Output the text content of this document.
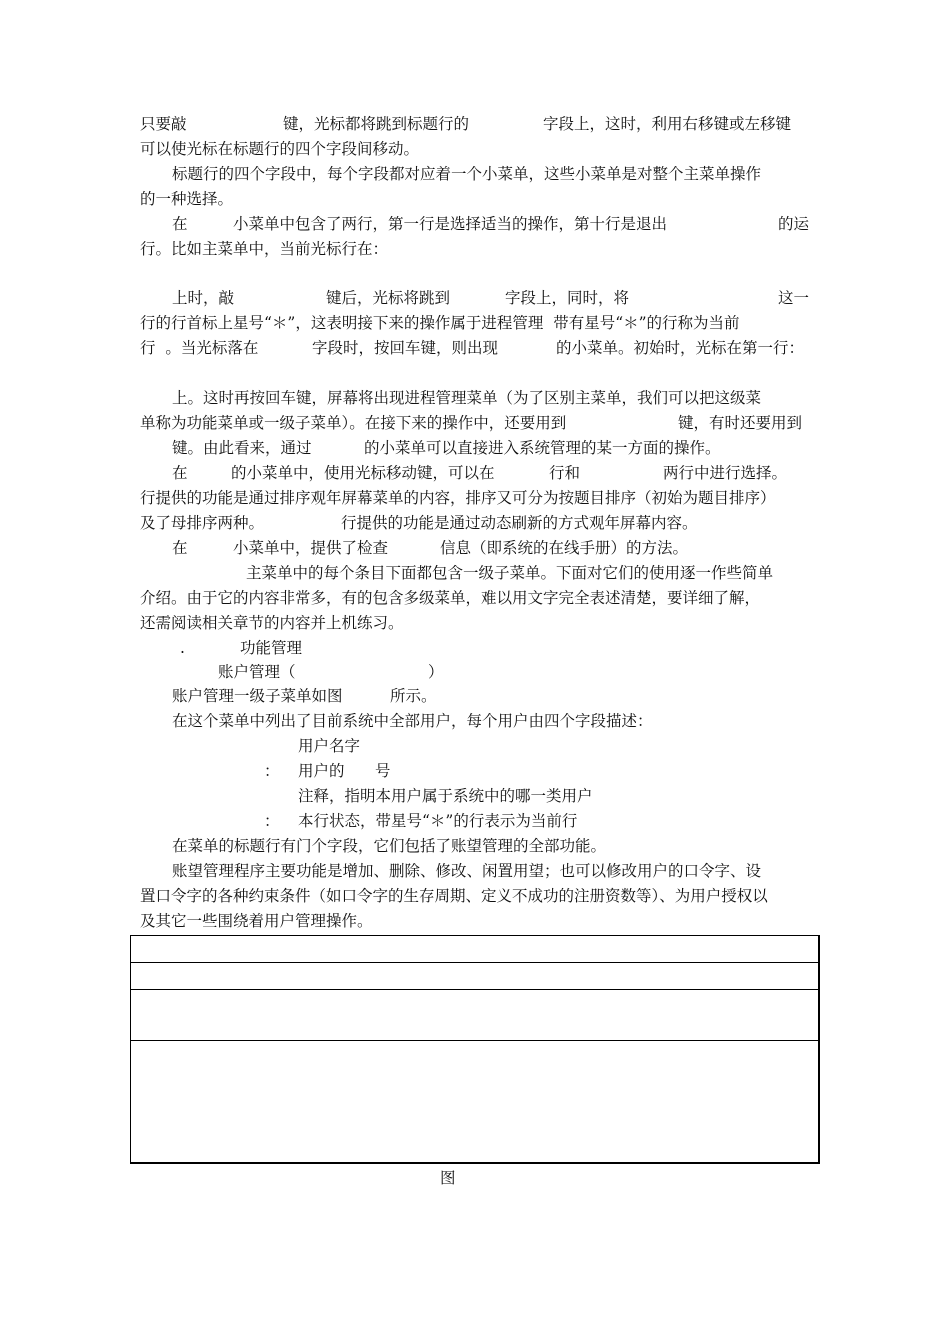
只要敲	键，光标都将跳到标题行的	字段上，这时，利用右移键或左移键
可以使光标在标题行的四个字段间移动。
标题行的四个字段中，每个字段都对应着一个小菜单，这些小菜单是对整个主菜单操作
的一种选择。
在	小菜单中包含了两行，第一行是选择适当的操作，第十行是退出	的运
行。比如主菜单中，当前光标行在：
上时，敲	键后，光标将跳到	字段上，同时，将	这一
行的行首标上星号“＊”，这表明接下来的操作属于进程管理  带有星号“＊”的行称为当前
行  。当光标落在	字段时，按回车键，则出现	的小菜单。初始时，光标在第一行：
上。这时再按回车键，屏幕将出现进程管理菜单（为了区别主菜单，我们可以把这级菜
单称为功能菜单或一级子菜单）。在接下来的操作中，还要用到	键，有时还要用到
键。由此看来，通过	的小菜单可以直接进入系统管理的某一方面的操作。
在	的小菜单中，使用光标移动键，可以在	行和	两行中进行选择。
行提供的功能是通过排序观年屏幕菜单的内容，排序又可分为按题目排序（初始为题目排序）
及了母排序两种。	行提供的功能是通过动态刷新的方式观年屏幕内容。
在	小菜单中，提供了检查	信息（即系统的在线手册）的方法。
主菜单中的每个条目下面都包含一级子菜单。下面对它们的使用逐一作些简单
介绍。由于它的内容非常多，有的包含多级菜单，难以用文字完全表述清楚，要详细了解，
还需阅读相关章节的内容并上机练习。
.	功能管理
账户管理（	）
账户管理一级子菜单如图	所示。
在这个菜单中列出了目前系统中全部用户，每个用户由四个字段描述：
用户名字
： 用户的 号
注释，指明本用户属于系统中的哪一类用户
： 本行状态，带星号“＊”的行表示为当前行
在菜单的标题行有门个字段，它们包括了账望管理的全部功能。
账望管理程序主要功能是增加、删除、修改、闲置用望；也可以修改用户的口令字、设
置口令字的各种约束条件（如口令字的生存周期、定义不成功的注册资数等）、为用户授权以
及其它一些围绕着用户管理操作。
图
